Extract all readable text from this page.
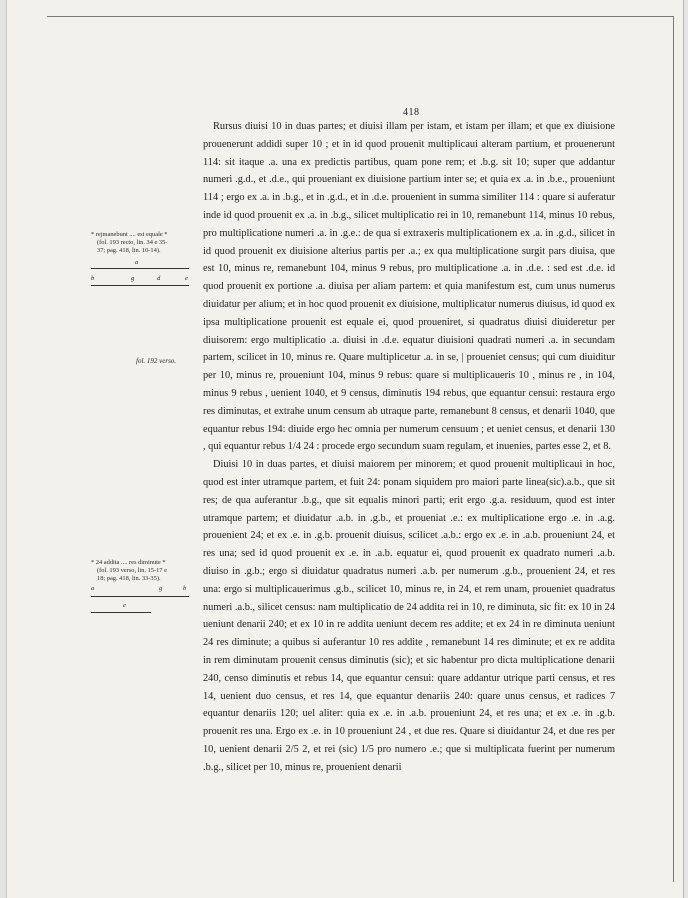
418
* rejmanebunt .... est equale *
(fol. 193 recto, lin. 34 e 35-
37; pag. 418, lin. 10-14).
a
b	g	d	e
fol. 192 verso.
* 24 addita .... res diminute *
(fol. 193 verso, lin. 15-17 e
18; pag. 418, lin. 33-35).
a	g	b
e

Rursus diuisi 10 in duas partes; et diuisi illam per istam, et istam per illam; et que ex diuisione prouenerunt addidi super 10 ; et in id quod prouenit multiplicaui alteram partium, et prouenerunt 114: sit itaque .a. una ex predictis partibus, quam pone rem; et .b.g. sit 10; super que addantur numeri .g.d., et .d.e., qui proueniant ex diuisione partium inter se; et quia ex .a. in .b.e., proueniunt 114 ; ergo ex .a. in .b.g., et in .g.d., et in .d.e. prouenient in summa similiter 114 : quare si auferatur inde id quod prouenit ex .a. in .b.g., silicet multiplicatio rei in 10, remanebunt 114, minus 10 rebus, pro multiplicatione numeri .a. in .g.e.: de qua si extraxeris multiplicationem ex .a. in .g.d., silicet in id quod prouenit ex diuisione alterius partis per .a.; ex qua multiplicatione surgit pars diuisa, que est 10, minus re, remanebunt 104, minus 9 rebus, pro multiplicatione .a. in .d.e. : sed est .d.e. id quod prouenit ex portione .a. diuisa per aliam partem: et quia manifestum est, cum unus numerus diuidatur per alium; et in hoc quod prouenit ex diuisione, multiplicatur numerus diuisus, id quod ex ipsa multiplicatione prouenit est equale ei, quod proueniret, si quadratus diuisi diuideretur per diuisorem: ergo multiplicatio .a. diuisi in .d.e. equatur diuisioni quadrati numeri .a. in secundam partem, scilicet in 10, minus re. Quare multiplicetur .a. in se, | proueniet census; qui cum diuiditur per 10, minus re, proueniunt 104, minus 9 rebus: quare si multiplicaueris 10 , minus re , in 104, minus 9 rebus , uenient 1040, et 9 census, diminutis 194 rebus, que equantur censui: restaura ergo res diminutas, et extrahe unum censum ab utraque parte, remanebunt 8 census, et denarii 1040, que equantur rebus 194: diuide ergo hec omnia per numerum censuum ; et ueniet census, et denarii 130 , qui equantur rebus 1/4 24 : procede ergo secundum suam regulam, et inuenies, partes esse 2, et 8.

Diuisi 10 in duas partes, et diuisi maiorem per minorem; et quod prouenit multiplicaui in hoc, quod est inter utramque partem, et fuit 24: ponam siquidem pro maiori parte linea(sic).a.b., que sit res; de qua auferantur .b.g., que sit equalis minori parti; erit ergo .g.a. residuum, quod est inter utramque partem; et diuidatur .a.b. in .g.b., et proueniat .e.: ex multiplicatione ergo .e. in .a.g. prouenient 24; et ex .e. in .g.b. prouenit diuisus, scilicet .a.b.: ergo ex .e. in .a.b. proueniunt 24, et res una; sed id quod prouenit ex .e. in .a.b. equatur ei, quod prouenit ex quadrato numeri .a.b. diuiso in .g.b.; ergo si diuidatur quadratus numeri .a.b. per numerum .g.b., prouenient 24, et res una: ergo si multiplicauerimus .g.b., scilicet 10, minus re, in 24, et rem unam, proueniet quadratus numeri .a.b., silicet census: nam multiplicatio de 24 addita rei in 10, re diminuta, sic fit: ex 10 in 24 ueniunt denarii 240; et ex 10 in re addita ueniunt decem res addite; et ex 24 in re diminuta ueniunt 24 res diminute; a quibus si auferantur 10 res addite , remanebunt 14 res diminute; et ex re addita in rem diminutam prouenit census diminutis (sic); et sic habentur pro dicta multiplicatione denarii 240, censo diminutis et rebus 14, que equantur censui: quare addantur utrique parti census, et res 14, uenient duo census, et res 14, que equantur denariis 240: quare unus census, et radices 7 equantur denariis 120; uel aliter: quia ex .e. in .a.b. proueniunt 24, et res una; et ex .e. in .g.b. prouenit res una. Ergo ex .e. in 10 proueniunt 24 , et due res. Quare si diuidantur 24, et due res per 10, uenient denarii 2/5 2, et rei (sic) 1/5 pro numero .e.; que si multiplicata fuerint per numerum .b.g., silicet per 10, minus re, prouenient denarii
